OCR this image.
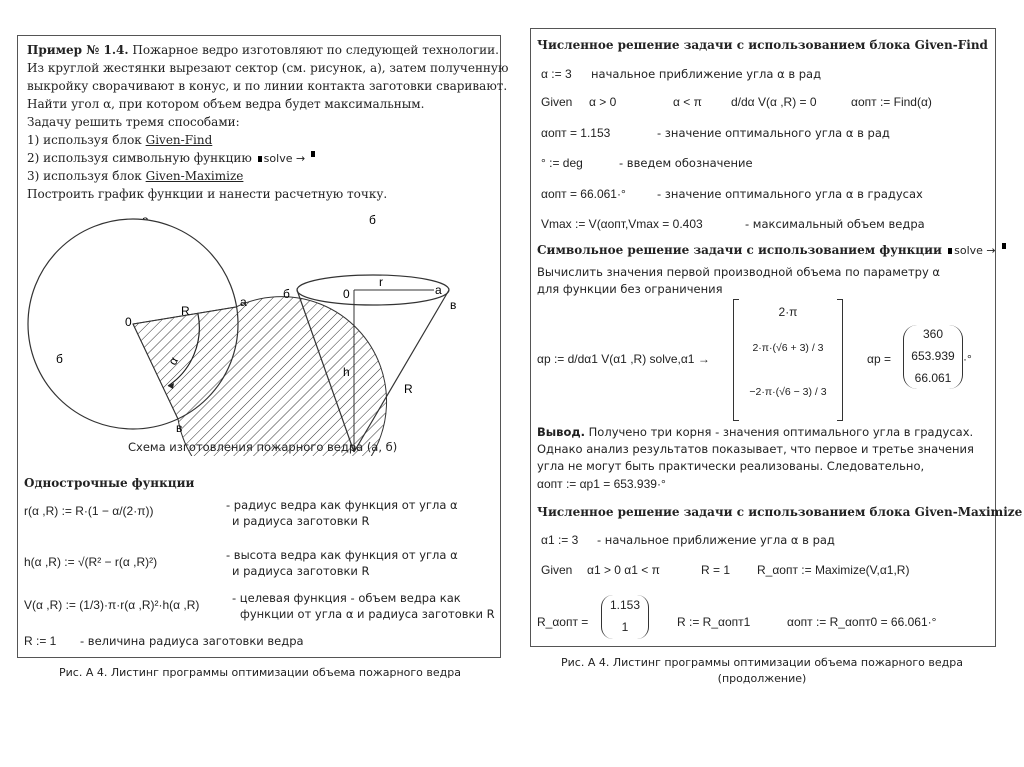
Пример № 1.4. Пожарное ведро изготовляют по следующей технологии.
Из круглой жестянки вырезают сектор (см. рисунок, а), затем полученную
выкройку сворачивают в конус, и по линии контакта заготовки сваривают.
Найти угол α, при котором объем ведра будет максимальным.
Задачу решить тремя способами:
1) используя блок Given-Find
2) используя символьную функцию solve →
3) используя блок Given-Maximize
Построить график функции и нанести расчетную точку.
б
б
а
в
0
R
α
б	0
r
а
в
h
R
Схема изготовления пожарного ведра (а, б)
Однострочные функции
r(α ,R) := R·(1 − α/(2·π))	- радиус ведра как функция от угла α
и радиуса заготовки R
h(α ,R) := √(R² − r(α ,R)²)	- высота ведра как функция от угла α
и радиуса заготовки R
V(α ,R) := (1/3)·π·r(α ,R)²·h(α ,R)	- целевая функция - объем ведра как
функции от угла α и радиуса заготовки R
R := 1 - величина радиуса заготовки ведра
Рис. А 4. Листинг программы оптимизации объема пожарного ведра
Численное решение задачи с использованием блока Given-Find
α := 3 начальное приближение угла α в рад
Given α > 0	α < π d/dα V(α ,R) = 0	αопт := Find(α)
αопт = 1.153	- значение оптимального угла α в рад
° := deg	- введем обозначение
αопт = 66.061·°	- значение оптимального угла α в градусах
Vmax := V(αопт,Vmax = 0.403	- максимальный объем ведра
Символьное решение задачи с использованием функции solve →
Вычислить значения первой производной объема по параметру α
для функции без ограничения
αp := d/dα1 V(α1 ,R) solve,α1 →
2·π
2·π·(√6 + 3) / 3
−2·π·(√6 − 3) / 3
αp =
360
653.939
66.061
·°
Вывод. Получено три корня - значения оптимального угла в градусах.
Однако анализ результатов показывает, что первое и третье значения
угла не могут быть практически реализованы. Следовательно,
αопт := αp1 = 653.939·°
Численное решение задачи с использованием блока Given-Maximize
α1 := 3 - начальное приближение угла α в рад
Given α1 > 0 α1 < π	R = 1 R_αопт := Maximize(V,α1,R)
R_αопт =
1.153
1	R := R_αопт1	αопт := R_αопт0 = 66.061·°
Рис. А 4. Листинг программы оптимизации объема пожарного ведра
(продолжение)
